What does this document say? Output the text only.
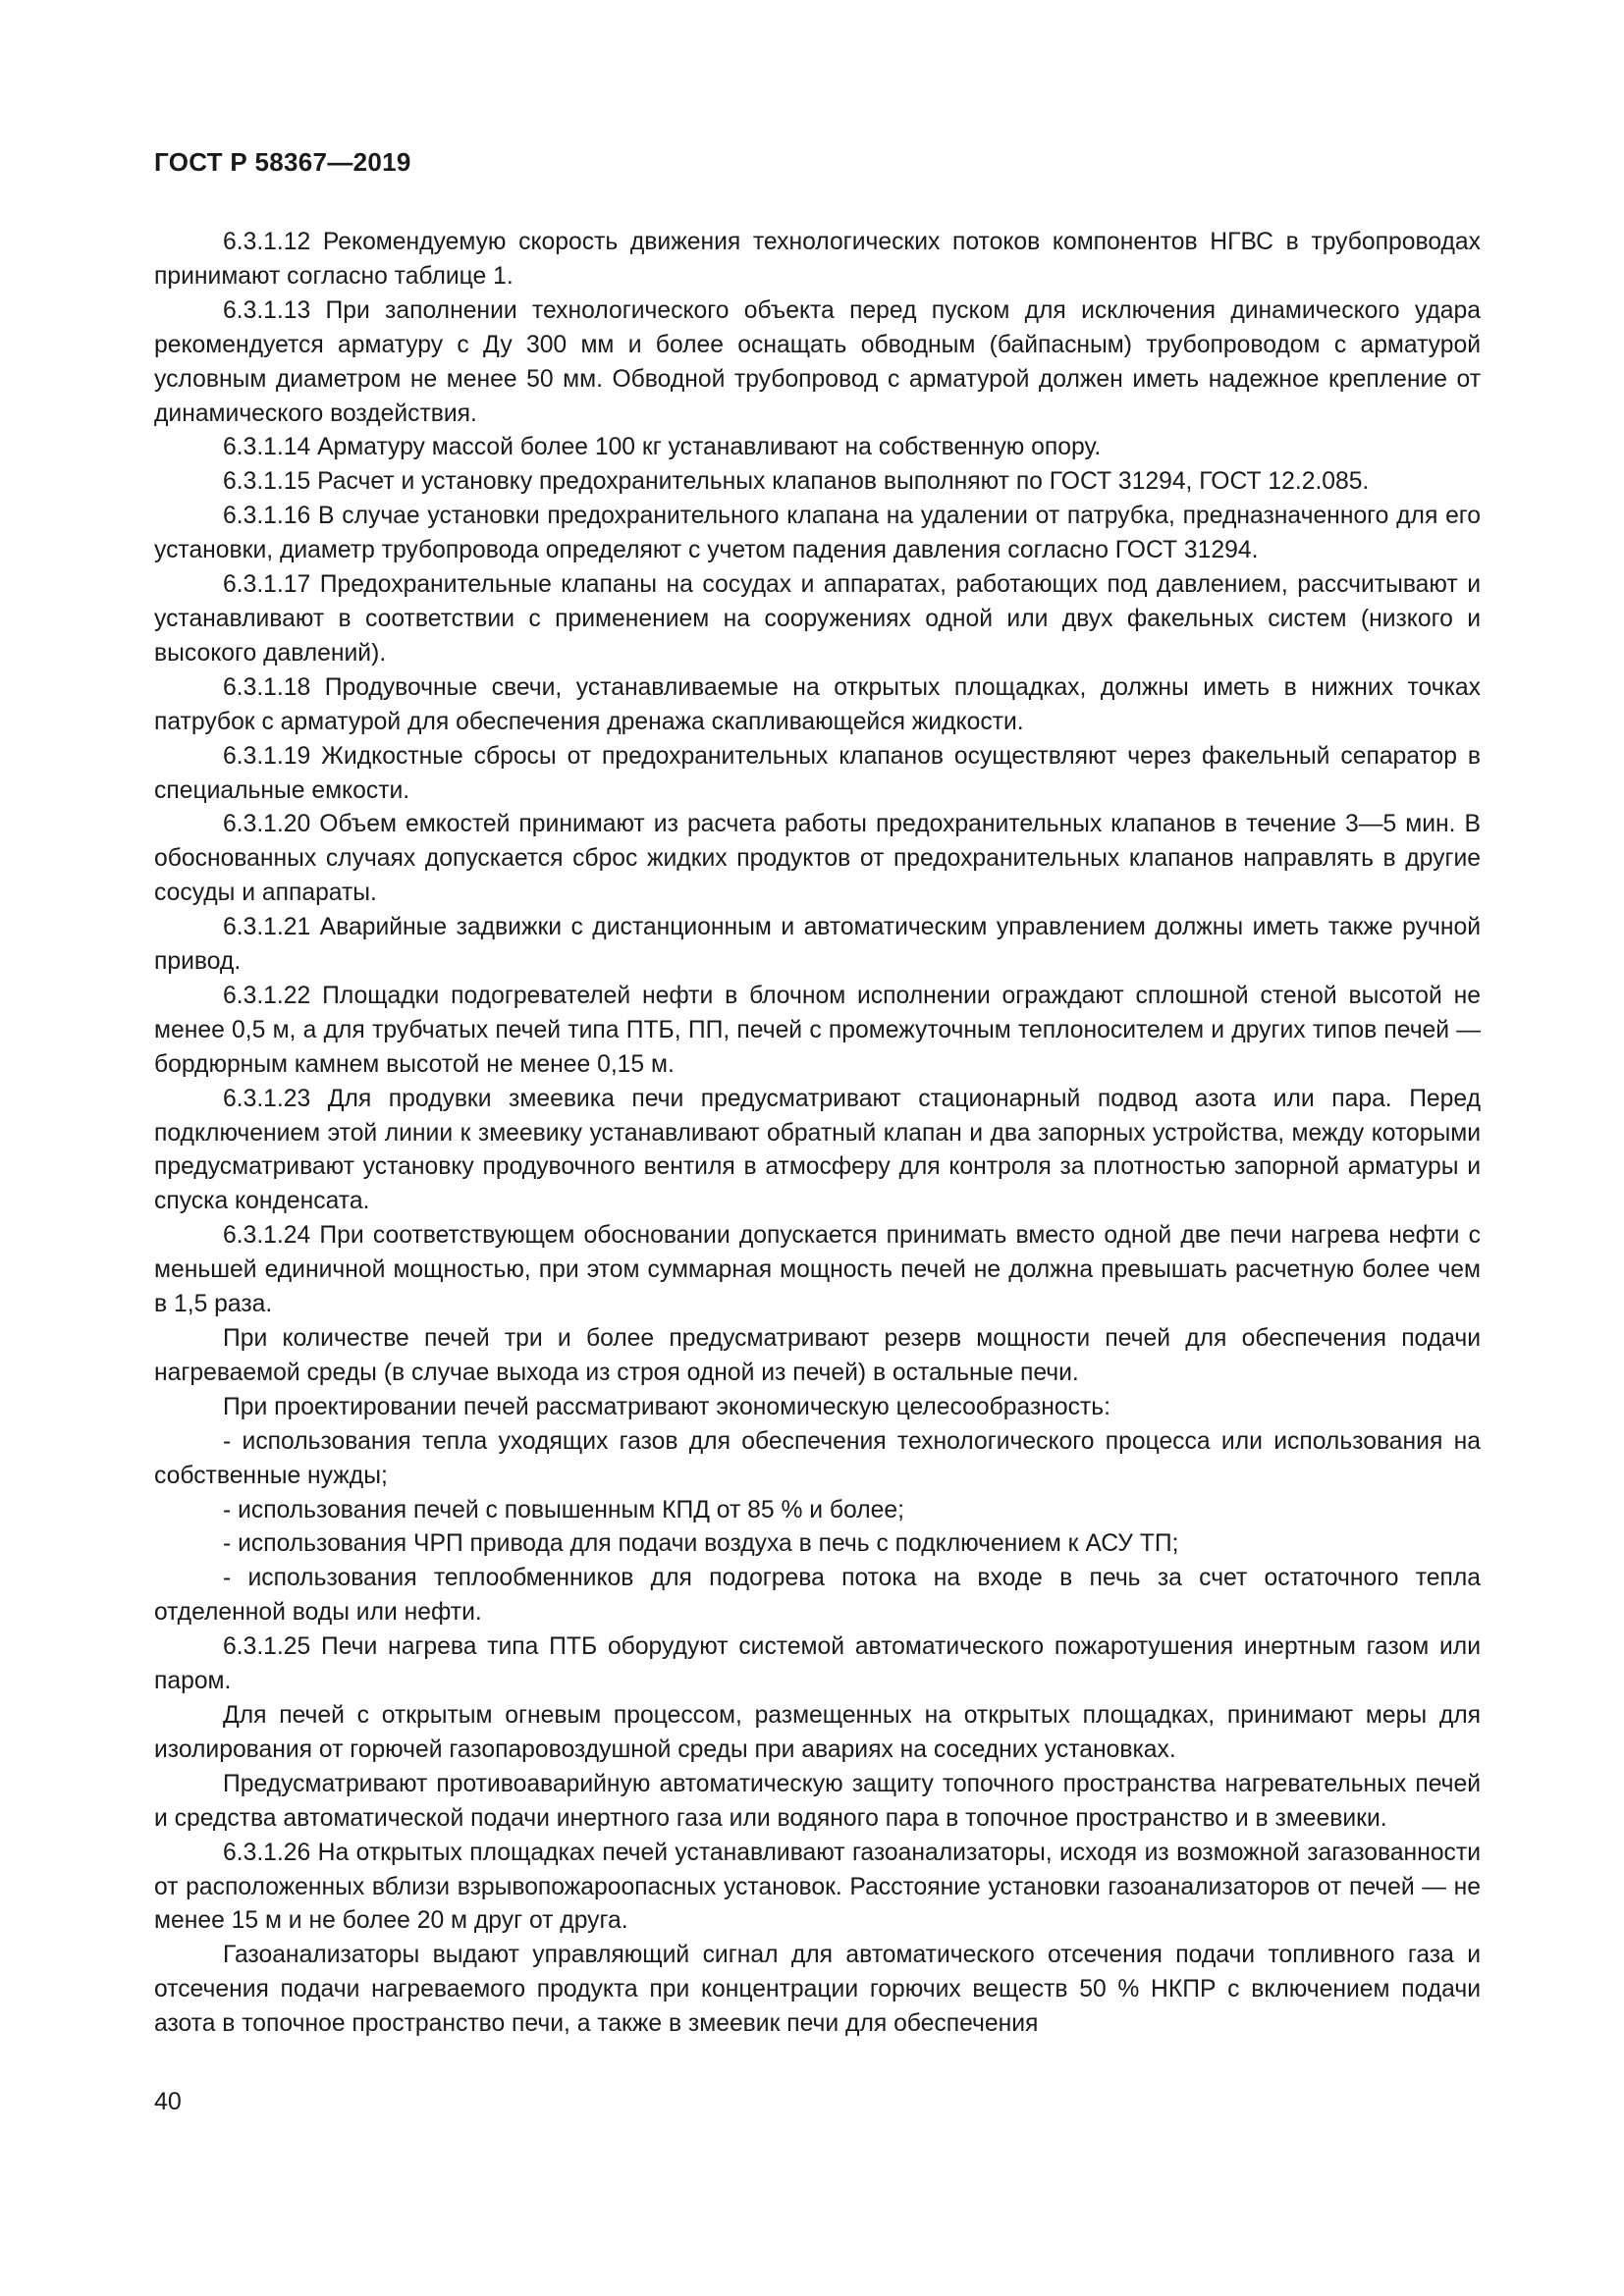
ГОСТ Р 58367—2019

6.3.1.12 Рекомендуемую скорость движения технологических потоков компонентов НГВС в трубопроводах принимают согласно таблице 1.

6.3.1.13 При заполнении технологического объекта перед пуском для исключения динамического удара рекомендуется арматуру с Ду 300 мм и более оснащать обводным (байпасным) трубопроводом с арматурой условным диаметром не менее 50 мм. Обводной трубопровод с арматурой должен иметь надежное крепление от динамического воздействия.

6.3.1.14 Арматуру массой более 100 кг устанавливают на собственную опору.

6.3.1.15 Расчет и установку предохранительных клапанов выполняют по ГОСТ 31294, ГОСТ 12.2.085.

6.3.1.16 В случае установки предохранительного клапана на удалении от патрубка, предназначенного для его установки, диаметр трубопровода определяют с учетом падения давления согласно ГОСТ 31294.

6.3.1.17 Предохранительные клапаны на сосудах и аппаратах, работающих под давлением, рассчитывают и устанавливают в соответствии с применением на сооружениях одной или двух факельных систем (низкого и высокого давлений).

6.3.1.18 Продувочные свечи, устанавливаемые на открытых площадках, должны иметь в нижних точках патрубок с арматурой для обеспечения дренажа скапливающейся жидкости.

6.3.1.19 Жидкостные сбросы от предохранительных клапанов осуществляют через факельный сепаратор в специальные емкости.

6.3.1.20 Объем емкостей принимают из расчета работы предохранительных клапанов в течение 3—5 мин. В обоснованных случаях допускается сброс жидких продуктов от предохранительных клапанов направлять в другие сосуды и аппараты.

6.3.1.21 Аварийные задвижки с дистанционным и автоматическим управлением должны иметь также ручной привод.

6.3.1.22 Площадки подогревателей нефти в блочном исполнении ограждают сплошной стеной высотой не менее 0,5 м, а для трубчатых печей типа ПТБ, ПП, печей с промежуточным теплоносителем и других типов печей — бордюрным камнем высотой не менее 0,15 м.

6.3.1.23 Для продувки змеевика печи предусматривают стационарный подвод азота или пара. Перед подключением этой линии к змеевику устанавливают обратный клапан и два запорных устройства, между которыми предусматривают установку продувочного вентиля в атмосферу для контроля за плотностью запорной арматуры и спуска конденсата.

6.3.1.24 При соответствующем обосновании допускается принимать вместо одной две печи нагрева нефти с меньшей единичной мощностью, при этом суммарная мощность печей не должна превышать расчетную более чем в 1,5 раза.

При количестве печей три и более предусматривают резерв мощности печей для обеспечения подачи нагреваемой среды (в случае выхода из строя одной из печей) в остальные печи.

При проектировании печей рассматривают экономическую целесообразность:

- использования тепла уходящих газов для обеспечения технологического процесса или использования на собственные нужды;

- использования печей с повышенным КПД от 85 % и более;

- использования ЧРП привода для подачи воздуха в печь с подключением к АСУ ТП;

- использования теплообменников для подогрева потока на входе в печь за счет остаточного тепла отделенной воды или нефти.

6.3.1.25 Печи нагрева типа ПТБ оборудуют системой автоматического пожаротушения инертным газом или паром.

Для печей с открытым огневым процессом, размещенных на открытых площадках, принимают меры для изолирования от горючей газопаровоздушной среды при авариях на соседних установках.

Предусматривают противоаварийную автоматическую защиту топочного пространства нагревательных печей и средства автоматической подачи инертного газа или водяного пара в топочное пространство и в змеевики.

6.3.1.26 На открытых площадках печей устанавливают газоанализаторы, исходя из возможной загазованности от расположенных вблизи взрывопожароопасных установок. Расстояние установки газоанализаторов от печей — не менее 15 м и не более 20 м друг от друга.

Газоанализаторы выдают управляющий сигнал для автоматического отсечения подачи топливного газа и отсечения подачи нагреваемого продукта при концентрации горючих веществ 50 % НКПР с включением подачи азота в топочное пространство печи, а также в змеевик печи для обеспечения

40
